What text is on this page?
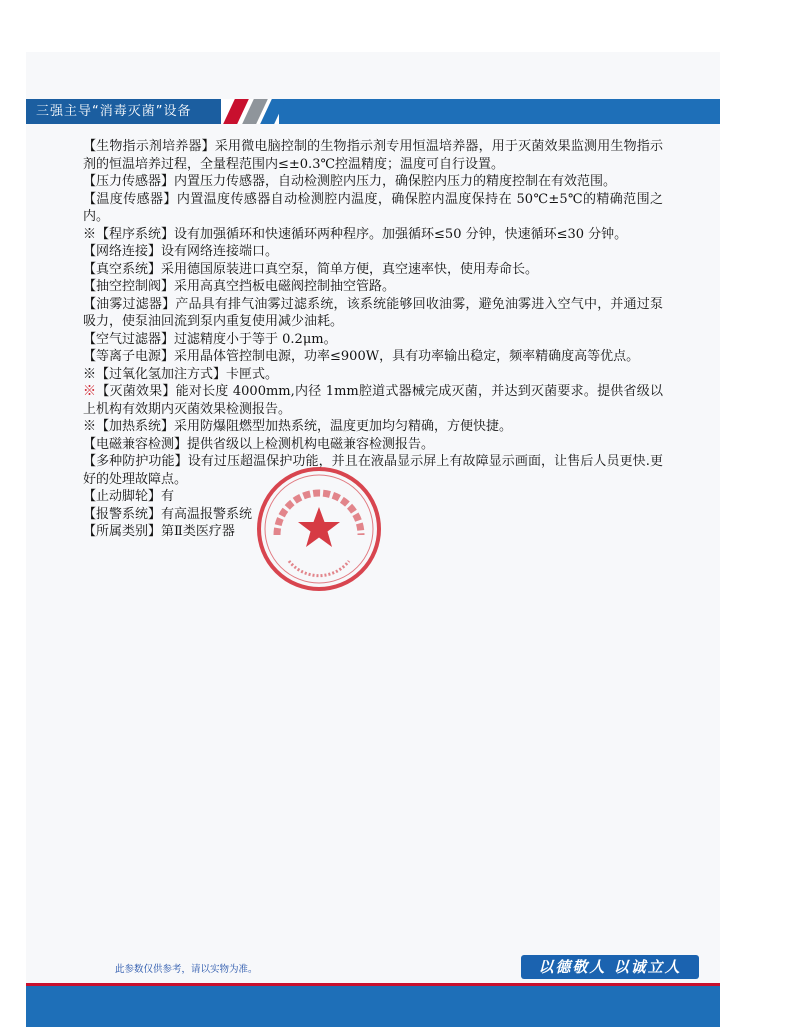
三强主导“消毒灭菌”设备

【生物指示剂培养器】采用微电脑控制的生物指示剂专用恒温培养器，用于灭菌效果监测用生物指示剂的恒温培养过程，全量程范围内≤±0.3℃控温精度；温度可自行设置。

【压力传感器】内置压力传感器，自动检测腔内压力，确保腔内压力的精度控制在有效范围。

【温度传感器】内置温度传感器自动检测腔内温度，确保腔内温度保持在 50℃±5℃的精确范围之内。

※【程序系统】设有加强循环和快速循环两种程序。加强循环≤50 分钟，快速循环≤30 分钟。

【网络连接】设有网络连接端口。

【真空系统】采用德国原装进口真空泵，简单方便，真空速率快，使用寿命长。

【抽空控制阀】采用高真空挡板电磁阀控制抽空管路。

【油雾过滤器】产品具有排气油雾过滤系统，该系统能够回收油雾，避免油雾进入空气中，并通过泵吸力，使泵油回流到泵内重复使用减少油耗。

【空气过滤器】过滤精度小于等于 0.2μm。

【等离子电源】采用晶体管控制电源，功率≤900W，具有功率输出稳定，频率精确度高等优点。

※【过氧化氢加注方式】卡匣式。

※【灭菌效果】能对长度 4000mm,内径 1mm腔道式器械完成灭菌，并达到灭菌要求。提供省级以上机构有效期内灭菌效果检测报告。

※【加热系统】采用防爆阻燃型加热系统，温度更加均匀精确，方便快捷。

【电磁兼容检测】提供省级以上检测机构电磁兼容检测报告。

【多种防护功能】设有过压超温保护功能，并且在液晶显示屏上有故障显示画面，让售后人员更快.更好的处理故障点。

【止动脚轮】有

【报警系统】有高温报警系统

【所属类别】第Ⅱ类医疗器

此参数仅供参考，请以实物为准。	以德敬人 以诚立人
